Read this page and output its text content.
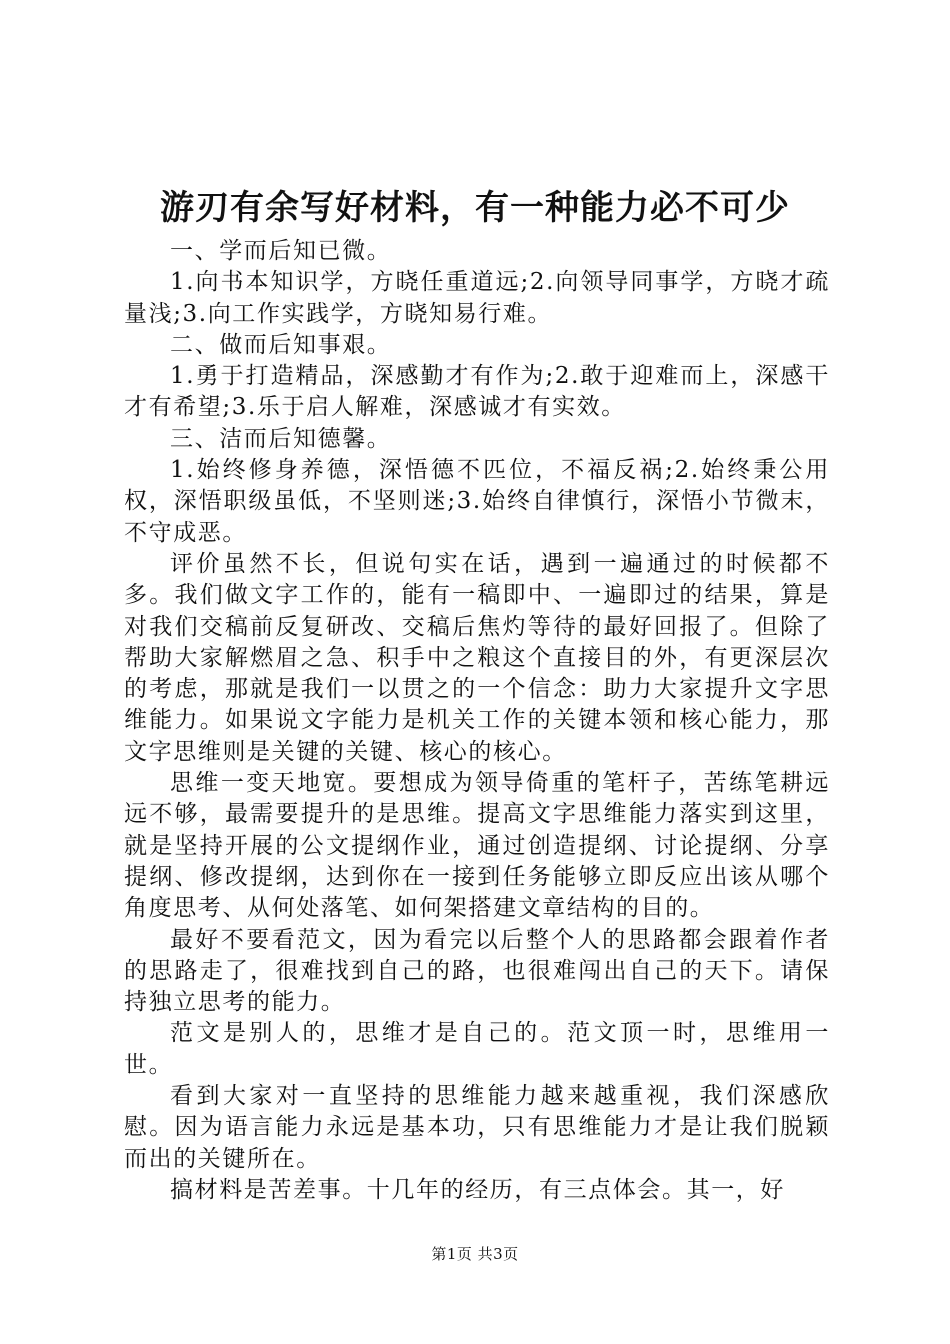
游刃有余写好材料，有一种能力必不可少

一、学而后知已微。

1.向书本知识学，方晓任重道远;2.向领导同事学，方晓才疏量浅;3.向工作实践学，方晓知易行难。

二、做而后知事艰。

1.勇于打造精品，深感勤才有作为;2.敢于迎难而上，深感干才有希望;3.乐于启人解难，深感诚才有实效。

三、洁而后知德馨。

1.始终修身养德，深悟德不匹位，不福反祸;2.始终秉公用权，深悟职级虽低，不坚则迷;3.始终自律慎行，深悟小节微末，不守成恶。

评价虽然不长，但说句实在话，遇到一遍通过的时候都不多。我们做文字工作的，能有一稿即中、一遍即过的结果，算是对我们交稿前反复研改、交稿后焦灼等待的最好回报了。但除了帮助大家解燃眉之急、积手中之粮这个直接目的外，有更深层次的考虑，那就是我们一以贯之的一个信念：助力大家提升文字思维能力。如果说文字能力是机关工作的关键本领和核心能力，那文字思维则是关键的关键、核心的核心。

思维一变天地宽。要想成为领导倚重的笔杆子，苦练笔耕远远不够，最需要提升的是思维。提高文字思维能力落实到这里，就是坚持开展的公文提纲作业，通过创造提纲、讨论提纲、分享提纲、修改提纲，达到你在一接到任务能够立即反应出该从哪个角度思考、从何处落笔、如何架搭建文章结构的目的。

最好不要看范文，因为看完以后整个人的思路都会跟着作者的思路走了，很难找到自己的路，也很难闯出自己的天下。请保持独立思考的能力。

范文是别人的，思维才是自己的。范文顶一时，思维用一世。

看到大家对一直坚持的思维能力越来越重视，我们深感欣慰。因为语言能力永远是基本功，只有思维能力才是让我们脱颖而出的关键所在。

搞材料是苦差事。十几年的经历，有三点体会。其一，好

第1页 共3页
